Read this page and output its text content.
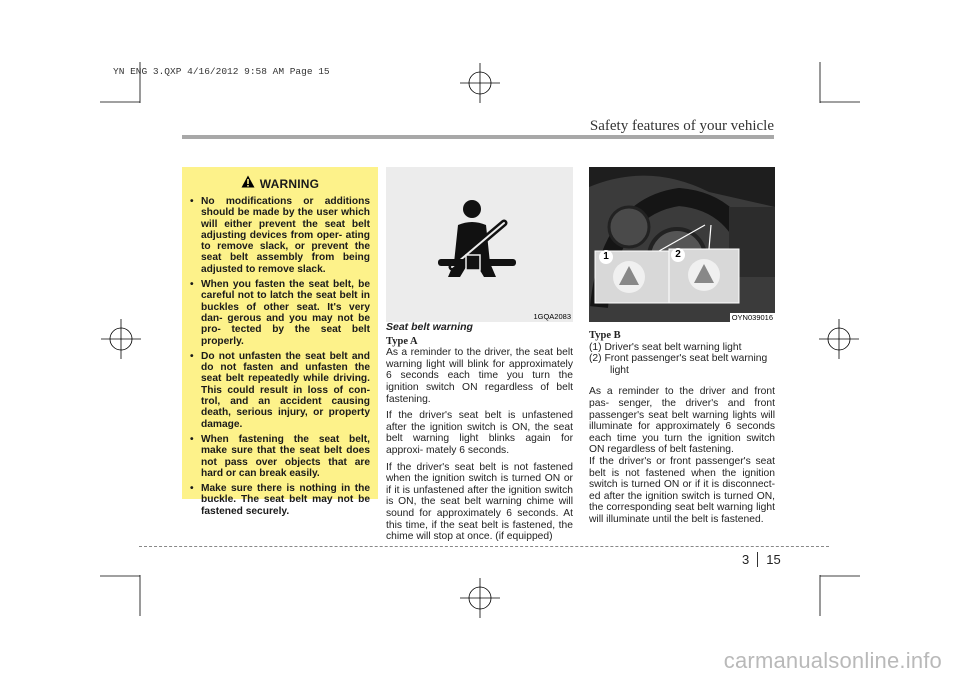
YN ENG 3.QXP 4/16/2012 9:58 AM Page 15
Safety features of your vehicle
WARNING
• No modifications or additions should be made by the user which will either prevent the seat belt adjusting devices from oper- ating to remove slack, or prevent the seat belt assembly from being adjusted to remove slack.
• When you fasten the seat belt, be careful not to latch the seat belt in buckles of other seat. It's very dan- gerous and you may not be pro- tected by the seat belt properly.
• Do not unfasten the seat belt and do not fasten and unfasten the seat belt repeatedly while driving. This could result in loss of con- trol, and an accident causing death, serious injury, or property damage.
• When fastening the seat belt, make sure that the seat belt does not pass over objects that are hard or can break easily.
• Make sure there is nothing in the buckle. The seat belt may not be fastened securely.
1GQA2083
1	2
OYN039016
Seat belt warning
Type A

As a reminder to the driver, the seat belt warning light will blink for approximately 6 seconds each time you turn the ignition switch ON regardless of belt fastening.

If the driver's seat belt is unfastened after the ignition switch is ON, the seat belt warning light blinks again for approxi- mately 6 seconds.

If the driver's seat belt is not fastened when the ignition switch is turned ON or if it is unfastened after the ignition switch is ON, the seat belt warning chime will sound for approximately 6 seconds. At this time, if the seat belt is fastened, the chime will stop at once. (if equipped)

Type B
(1) Driver's seat belt warning light
(2) Front passenger's seat belt warning light

As a reminder to the driver and front pas- senger, the driver's and front passenger's seat belt warning lights will illuminate for approximately 6 seconds each time you turn the ignition switch ON regardless of belt fastening.

If the driver's or front passenger's seat belt is not fastened when the ignition switch is turned ON or if it is disconnect- ed after the ignition switch is turned ON, the corresponding seat belt warning light will illuminate until the belt is fastened.

3 15
carmanualsonline.info
